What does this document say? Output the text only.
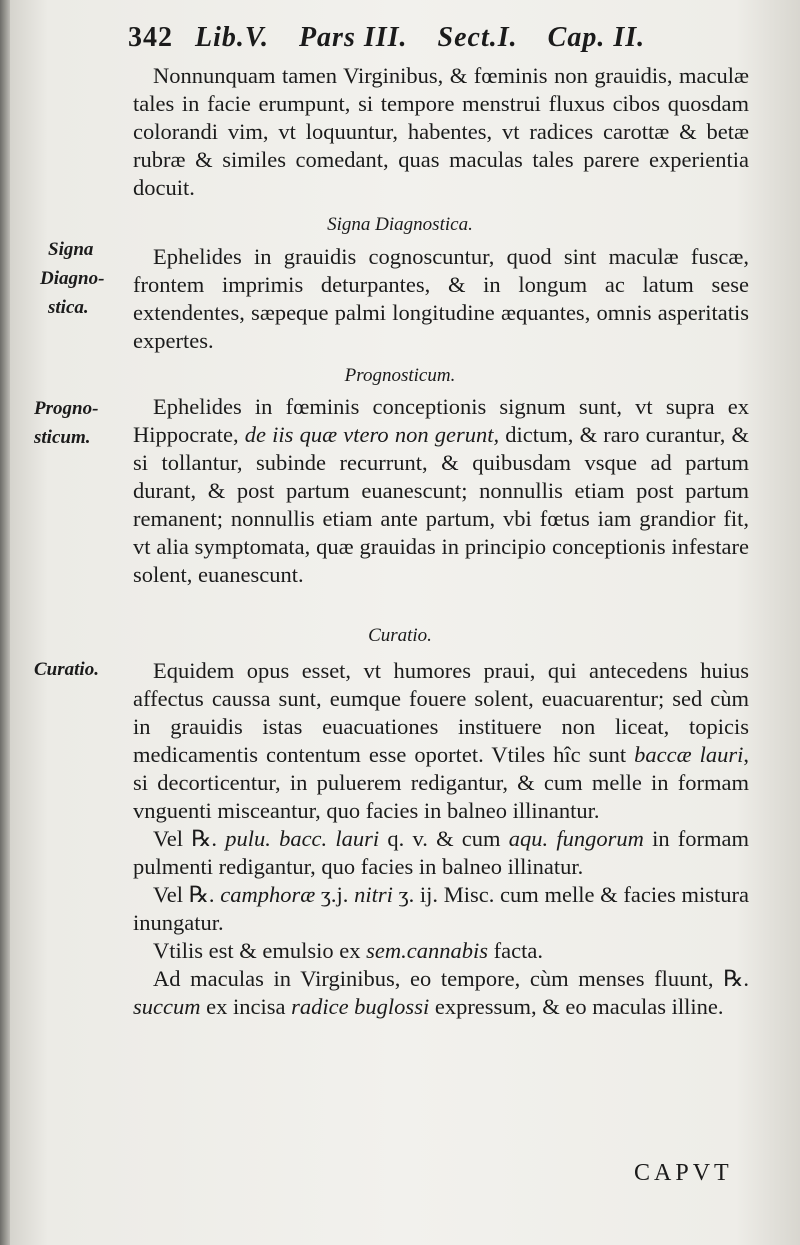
342 Lib.V. Pars III. Sect.I. Cap. II.

Nonnunquam tamen Virginibus, & fœminis non grauidis, maculæ tales in facie erumpunt, si tempore menstrui fluxus cibos quosdam colorandi vim, vt loquuntur, habentes, vt radices carottæ & betæ rubræ & similes comedant, quas maculas tales parere experientia docuit.

Signa Diagnostica.
Signa
Diagno-
stica.

Ephelides in grauidis cognoscuntur, quod sint maculæ fuscæ, frontem imprimis deturpantes, & in longum ac latum sese extendentes, sæpeque palmi longitudine æquantes, omnis asperitatis expertes.

Prognosticum.
Progno-
sticum.

Ephelides in fœminis conceptionis signum sunt, vt supra ex Hippocrate, de iis quæ vtero non gerunt, dictum, & raro curantur, & si tollantur, subinde recurrunt, & quibusdam vsque ad partum durant, & post partum euanescunt; nonnullis etiam post partum remanent; nonnullis etiam ante partum, vbi fœtus iam grandior fit, vt alia symptomata, quæ grauidas in principio conceptionis infestare solent, euanescunt.

Curatio.
Curatio.	Equidem opus esset, vt humores praui, qui antecedens huius affectus caussa sunt, eumque fouere solent, euacuarentur; sed cùm in grauidis istas euacuationes instituere non liceat, topicis medicamentis contentum esse oportet. Vtiles hîc sunt baccæ lauri, si decorticentur, in puluerem redigantur, & cum melle in formam vnguenti misceantur, quo facies in balneo illinantur.

Vel ℞. pulu. bacc. lauri q. v. & cum aqu. fungorum in formam pulmenti redigantur, quo facies in balneo illinatur.

Vel ℞. camphoræ ʒ.j. nitri ʒ. ij. Misc. cum melle & facies mistura inungatur.

Vtilis est & emulsio ex sem.cannabis facta.

Ad maculas in Virginibus, eo tempore, cùm menses fluunt, ℞. succum ex incisa radice buglossi expressum, & eo maculas illine.

CAPVT
